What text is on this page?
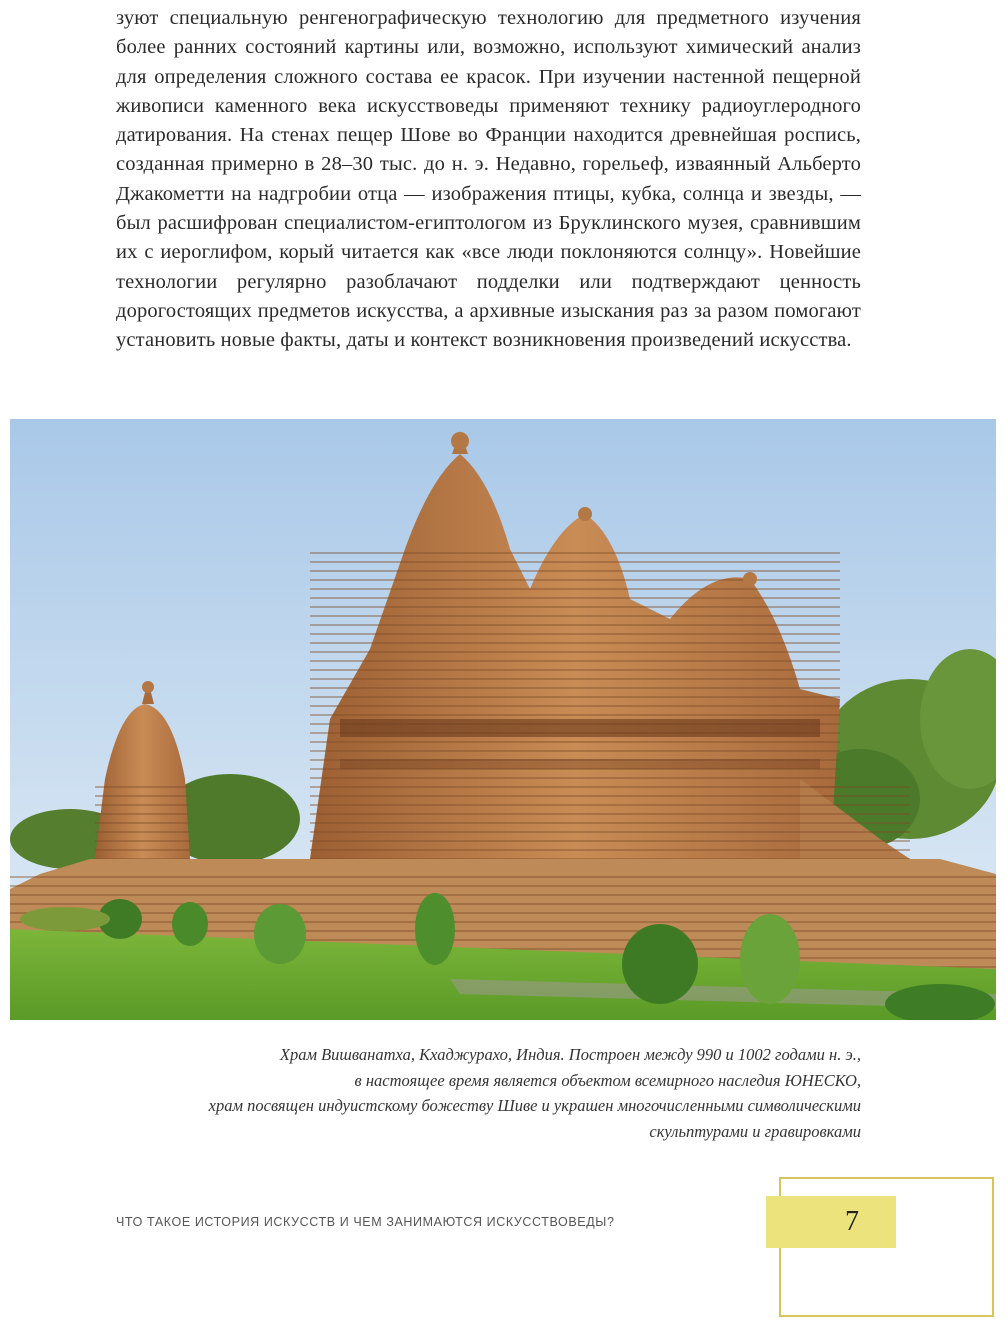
зуют специальную ренгенографическую технологию для предметного изучения более ранних состояний картины или, возможно, используют химический анализ для определения сложного состава ее красок. При изучении настенной пещерной живописи каменного века искусствоведы применяют технику радиоуглеродного датирования. На стенах пещер Шове во Франции находится древнейшая роспись, созданная примерно в 28–30 тыс. до н. э. Недавно, горельеф, изваянный Альберто Джакометти на надгробии отца — изображения птицы, кубка, солнца и звезды, — был расшифрован специалистом-египтологом из Бруклинского музея, сравнившим их с иероглифом, корый читается как «все люди поклоняются солнцу». Новейшие технологии регулярно разоблачают подделки или подтверждают ценность дорогостоящих предметов искусства, а архивные изыскания раз за разом помогают установить новые факты, даты и контекст возникновения произведений искусства.

Храм Вишванатха, Кхаджурахо, Индия. Построен между 990 и 1002 годами н. э.,
в настоящее время является объектом всемирного наследия ЮНЕСКО,
храм посвящен индуистскому божеству Шиве и украшен многочисленными символическими
скульптурами и гравировками
ЧТО ТАКОЕ ИСТОРИЯ ИСКУССТВ И ЧЕМ ЗАНИМАЮТСЯ ИСКУССТВОВЕДЫ?	7
